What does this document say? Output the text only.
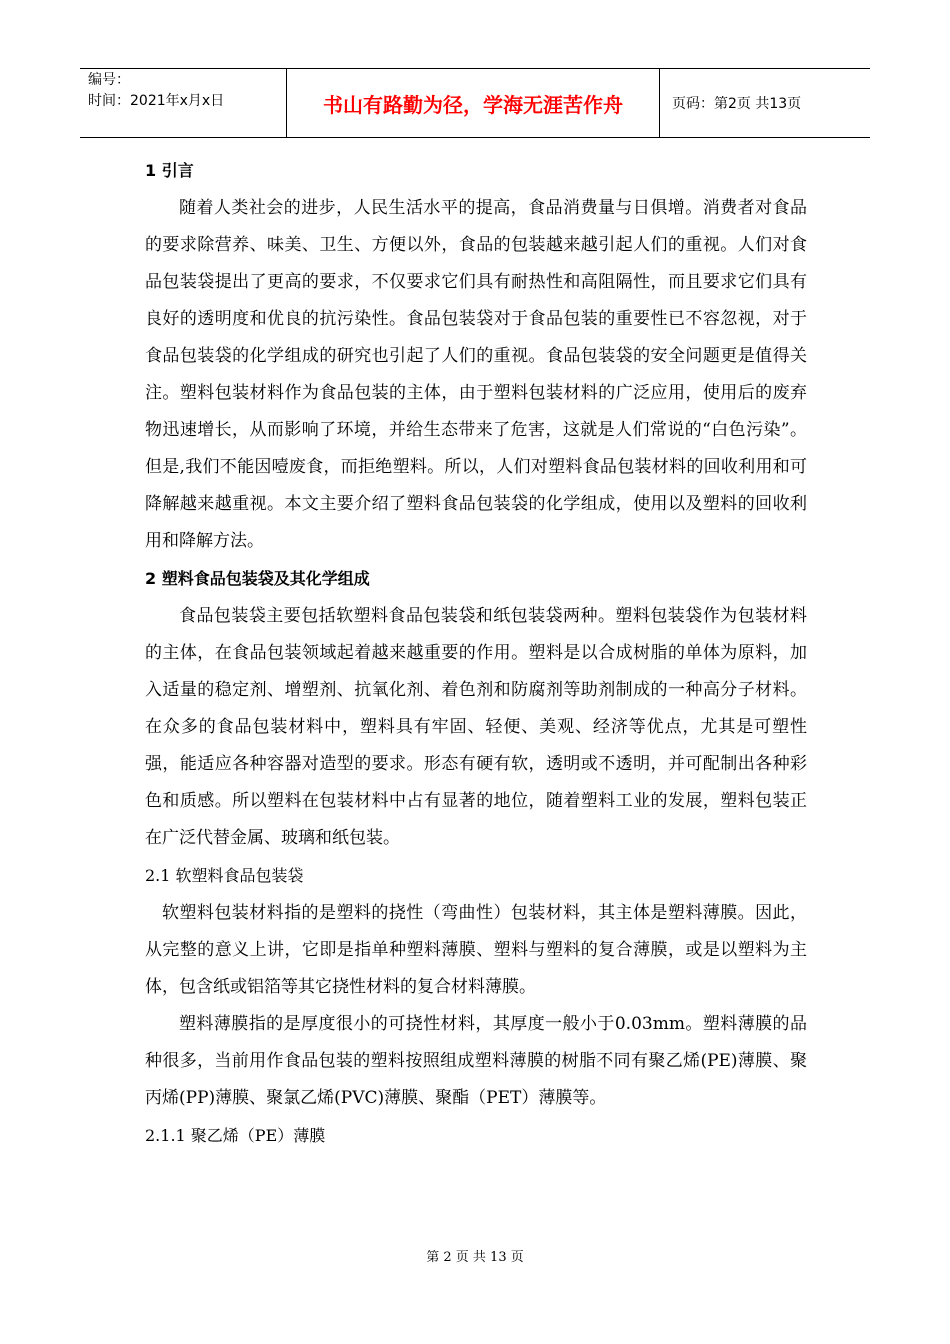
编号：
时间：2021年x月x日	书山有路勤为径，学海无涯苦作舟	页码：第2页 共13页
1 引言

随着人类社会的进步，人民生活水平的提高，食品消费量与日俱增。消费者对食品的要求除营养、味美、卫生、方便以外，食品的包装越来越引起人们的重视。人们对食品包装袋提出了更高的要求，不仅要求它们具有耐热性和高阻隔性，而且要求它们具有良好的透明度和优良的抗污染性。食品包装袋对于食品包装的重要性已不容忽视，对于食品包装袋的化学组成的研究也引起了人们的重视。食品包装袋的安全问题更是值得关注。塑料包装材料作为食品包装的主体，由于塑料包装材料的广泛应用，使用后的废弃物迅速增长，从而影响了环境，并给生态带来了危害，这就是人们常说的“白色污染”。但是,我们不能因噎废食，而拒绝塑料。所以，人们对塑料食品包装材料的回收利用和可降解越来越重视。本文主要介绍了塑料食品包装袋的化学组成，使用以及塑料的回收利用和降解方法。

2 塑料食品包装袋及其化学组成

食品包装袋主要包括软塑料食品包装袋和纸包装袋两种。塑料包装袋作为包装材料的主体，在食品包装领域起着越来越重要的作用。塑料是以合成树脂的单体为原料，加入适量的稳定剂、增塑剂、抗氧化剂、着色剂和防腐剂等助剂制成的一种高分子材料。在众多的食品包装材料中，塑料具有牢固、轻便、美观、经济等优点，尤其是可塑性强，能适应各种容器对造型的要求。形态有硬有软，透明或不透明，并可配制出各种彩色和质感。所以塑料在包装材料中占有显著的地位，随着塑料工业的发展，塑料包装正在广泛代替金属、玻璃和纸包装。

2.1 软塑料食品包装袋

软塑料包装材料指的是塑料的挠性（弯曲性）包装材料，其主体是塑料薄膜。因此，从完整的意义上讲，它即是指单种塑料薄膜、塑料与塑料的复合薄膜，或是以塑料为主体，包含纸或铝箔等其它挠性材料的复合材料薄膜。

塑料薄膜指的是厚度很小的可挠性材料，其厚度一般小于0.03mm。塑料薄膜的品种很多，当前用作食品包装的塑料按照组成塑料薄膜的树脂不同有聚乙烯(PE)薄膜、聚丙烯(PP)薄膜、聚氯乙烯(PVC)薄膜、聚酯（PET）薄膜等。

2.1.1 聚乙烯（PE）薄膜
第 2 页 共 13 页
